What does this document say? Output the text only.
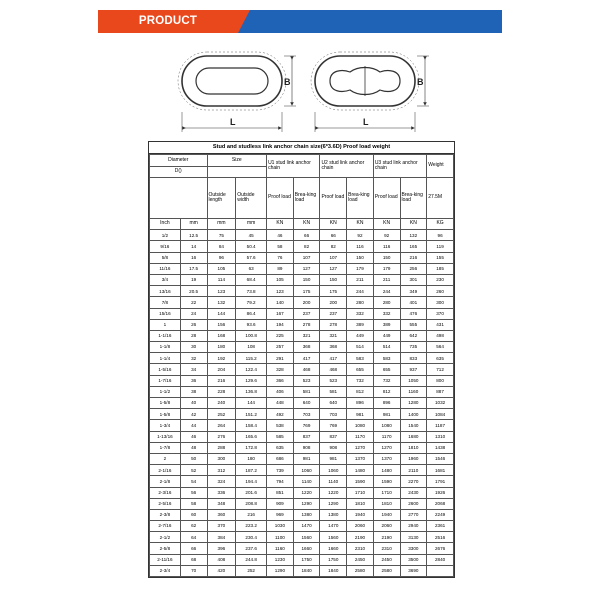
PRODUCT SPECIFICATION
L
B
L
B
Stud and studless link anchor chain size(6*3.6D) Proof load weight
Diameter		Size		U1 stud link anchor chain		U2 stud link anchor chain		U3 stud link anchor chain		Weight
D()										
		Outside length	Outside width	Proof load	Brea-king load	Proof load	Brea-king load	Proof load	Brea-king load	27.5M
Inch	mm	mm	mm	KN	KN	KN	KN	KN	KN	KG
1/2	12.5	75	45	46	66	66	92	92	132	96
9/16	14	84	50.4	58	82	82	116	116	165	119
5/8	16	96	57.6	76	107	107	150	150	216	155
11/16	17.5	105	63	89	127	127	179	179	256	185
3/4	19	114	68.4	105	150	150	211	211	301	230
13/16	20.5	123	73.8	123	175	175	244	244	349	260
7/8	22	132	79.2	140	200	200	280	280	401	300
15/16	24	144	86.4	167	237	237	332	332	476	370
1	26	156	93.6	194	278	278	389	389	555	431
1-1/16	28	168	100.8	225	321	321	449	449	642	498
1-1/8	30	180	108	257	368	368	514	514	735	564
1-1/4	32	192	115.2	291	417	417	583	583	833	635
1-5/16	34	204	122.4	328	468	468	655	655	937	712
1-7/16	36	216	129.6	366	523	523	732	732	1050	800
1-1/2	38	228	136.8	406	581	581	812	812	1160	887
1-5/8	40	240	144	448	640	640	896	896	1280	1032
1-5/8	42	252	151.2	492	703	703	981	981	1400	1084
1-3/4	44	264	158.4	538	769	769	1080	1080	1540	1187
1-13/16	46	276	165.6	585	837	837	1170	1170	1680	1310
1-7/8	48	288	172.8	635	908	908	1270	1270	1810	1438
2	50	300	180	686	981	981	1370	1370	1960	1546
2-1/16	52	312	187.2	739	1060	1060	1480	1480	2110	1681
2-1/8	54	324	194.4	794	1140	1140	1590	1590	2270	1791
2-3/16	56	336	201.6	851	1220	1220	1710	1710	2430	1926
2-5/16	58	348	208.8	909	1290	1290	1810	1810	2600	2068
2-3/8	60	360	216	969	1380	1380	1940	1940	2770	2249
2-7/16	62	370	223.2	1030	1470	1470	2060	2060	2940	2361
2-1/2	64	384	230.4	1100	1560	1560	2190	2190	3130	2516
2-5/8	66	396	237.6	1160	1660	1660	2310	2310	3300	2676
2-11/16	68	408	244.8	1230	1750	1750	2450	2450	3500	2840
2-3/4	70	420	252	1290	1840	1840	2580	2580	3690	
